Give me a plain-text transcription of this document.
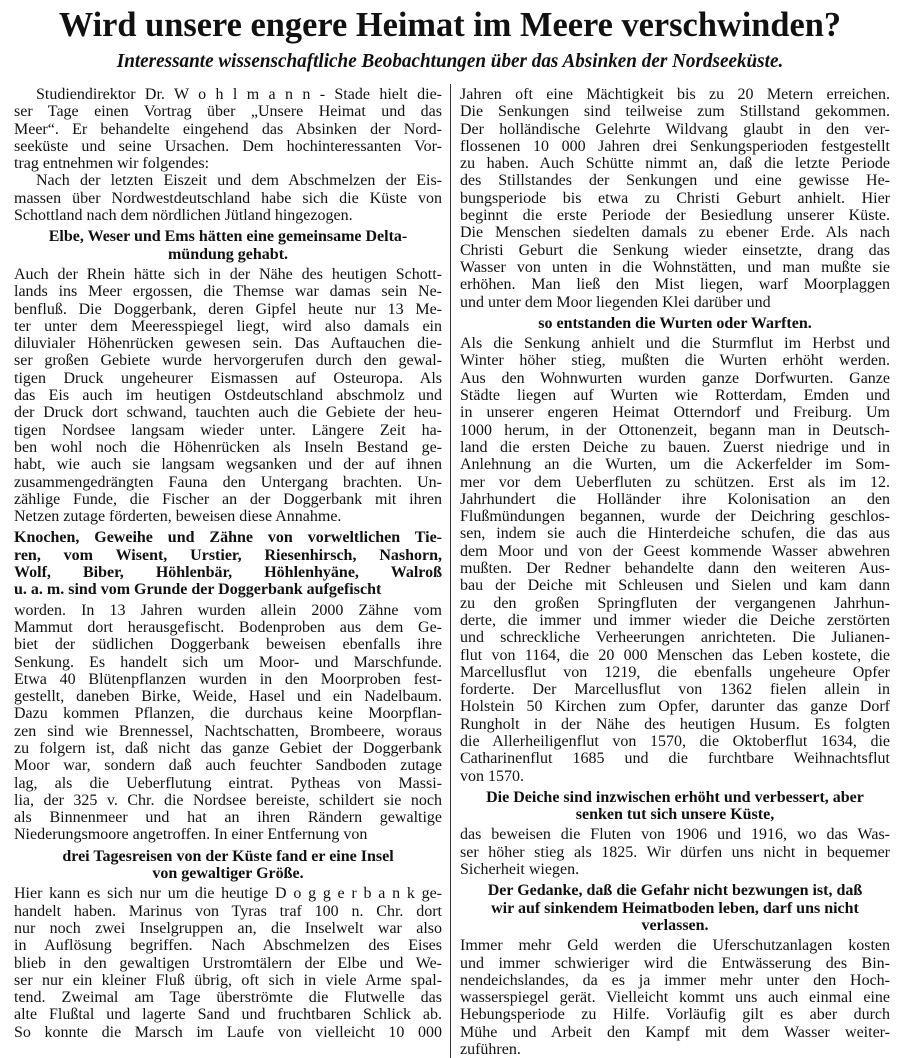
Wird unsere engere Heimat im Meere verschwinden?
Interessante wissenschaftliche Beobachtungen über das Absinken der Nordseeküste.
Studiendirektor Dr. W o h l m a n n - Stade hielt die-
ser Tage einen Vortrag über „Unsere Heimat und das
Meer“. Er behandelte eingehend das Absinken der Nord-
seeküste und seine Ursachen. Dem hochinteressanten Vor-
trag entnehmen wir folgendes:
Nach der letzten Eiszeit und dem Abschmelzen der Eis-
massen über Nordwestdeutschland habe sich die Küste von
Schottland nach dem nördlichen Jütland hingezogen.
Elbe, Weser und Ems hätten eine gemeinsame Delta-
mündung gehabt.
Auch der Rhein hätte sich in der Nähe des heutigen Schott-
lands ins Meer ergossen, die Themse war damas sein Ne-
benfluß. Die Doggerbank, deren Gipfel heute nur 13 Me-
ter unter dem Meeresspiegel liegt, wird also damals ein
diluvialer Höhenrücken gewesen sein. Das Auftauchen die-
ser großen Gebiete wurde hervorgerufen durch den gewal-
tigen Druck ungeheurer Eismassen auf Osteuropa. Als
das Eis auch im heutigen Ostdeutschland abschmolz und
der Druck dort schwand, tauchten auch die Gebiete der heu-
tigen Nordsee langsam wieder unter. Längere Zeit ha-
ben wohl noch die Höhenrücken als Inseln Bestand ge-
habt, wie auch sie langsam wegsanken und der auf ihnen
zusammengedrängten Fauna den Untergang brachten. Un-
zählige Funde, die Fischer an der Doggerbank mit ihren
Netzen zutage förderten, beweisen diese Annahme.
Knochen, Geweihe und Zähne von vorweltlichen Tie-
ren, vom Wisent, Urstier, Riesenhirsch, Nashorn,
Wolf, Biber, Höhlenbär, Höhlenhyäne, Walroß
u. a. m. sind vom Grunde der Doggerbank aufgefischt
worden. In 13 Jahren wurden allein 2000 Zähne vom
Mammut dort herausgefischt. Bodenproben aus dem Ge-
biet der südlichen Doggerbank beweisen ebenfalls ihre
Senkung. Es handelt sich um Moor- und Marschfunde.
Etwa 40 Blütenpflanzen wurden in den Moorproben fest-
gestellt, daneben Birke, Weide, Hasel und ein Nadelbaum.
Dazu kommen Pflanzen, die durchaus keine Moorpflan-
zen sind wie Brennessel, Nachtschatten, Brombeere, woraus
zu folgern ist, daß nicht das ganze Gebiet der Doggerbank
Moor war, sondern daß auch feuchter Sandboden zutage
lag, als die Ueberflutung eintrat. Pytheas von Massi-
lia, der 325 v. Chr. die Nordsee bereiste, schildert sie noch
als Binnenmeer und hat an ihren Rändern gewaltige
Niederungsmoore angetroffen. In einer Entfernung von
drei Tagesreisen von der Küste fand er eine Insel
von gewaltiger Größe.
Hier kann es sich nur um die heutige D o g g e r b a n k ge-
handelt haben. Marinus von Tyras traf 100 n. Chr. dort
nur noch zwei Inselgruppen an, die Inselwelt war also
in Auflösung begriffen. Nach Abschmelzen des Eises
blieb in den gewaltigen Urstromtälern der Elbe und We-
ser nur ein kleiner Fluß übrig, oft sich in viele Arme spal-
tend. Zweimal am Tage überströmte die Flutwelle das
alte Flußtal und lagerte Sand und fruchtbaren Schlick ab.
So konnte die Marsch im Laufe von vielleicht 10 000
Jahren oft eine Mächtigkeit bis zu 20 Metern erreichen.
Die Senkungen sind teilweise zum Stillstand gekommen.
Der holländische Gelehrte Wildvang glaubt in den ver-
flossenen 10 000 Jahren drei Senkungsperioden festgestellt
zu haben. Auch Schütte nimmt an, daß die letzte Periode
des Stillstandes der Senkungen und eine gewisse He-
bungsperiode bis etwa zu Christi Geburt anhielt. Hier
beginnt die erste Periode der Besiedlung unserer Küste.
Die Menschen siedelten damals zu ebener Erde. Als nach
Christi Geburt die Senkung wieder einsetzte, drang das
Wasser von unten in die Wohnstätten, und man mußte sie
erhöhen. Man ließ den Mist liegen, warf Moorplaggen
und unter dem Moor liegenden Klei darüber und
so entstanden die Wurten oder Warften.
Als die Senkung anhielt und die Sturmflut im Herbst und
Winter höher stieg, mußten die Wurten erhöht werden.
Aus den Wohnwurten wurden ganze Dorfwurten. Ganze
Städte liegen auf Wurten wie Rotterdam, Emden und
in unserer engeren Heimat Otterndorf und Freiburg. Um
1000 herum, in der Ottonenzeit, begann man in Deutsch-
land die ersten Deiche zu bauen. Zuerst niedrige und in
Anlehnung an die Wurten, um die Ackerfelder im Som-
mer vor dem Ueberfluten zu schützen. Erst als im 12.
Jahrhundert die Holländer ihre Kolonisation an den
Flußmündungen begannen, wurde der Deichring geschlos-
sen, indem sie auch die Hinterdeiche schufen, die das aus
dem Moor und von der Geest kommende Wasser abwehren
mußten. Der Redner behandelte dann den weiteren Aus-
bau der Deiche mit Schleusen und Sielen und kam dann
zu den großen Springfluten der vergangenen Jahrhun-
derte, die immer und immer wieder die Deiche zerstörten
und schreckliche Verheerungen anrichteten. Die Julianen-
flut von 1164, die 20 000 Menschen das Leben kostete, die
Marcellusflut von 1219, die ebenfalls ungeheure Opfer
forderte. Der Marcellusflut von 1362 fielen allein in
Holstein 50 Kirchen zum Opfer, darunter das ganze Dorf
Rungholt in der Nähe des heutigen Husum. Es folgten
die Allerheiligenflut von 1570, die Oktoberflut 1634, die
Catharinenflut 1685 und die furchtbare Weihnachtsflut
von 1570.
Die Deiche sind inzwischen erhöht und verbessert, aber
senken tut sich unsere Küste,
das beweisen die Fluten von 1906 und 1916, wo das Was-
ser höher stieg als 1825. Wir dürfen uns nicht in bequemer
Sicherheit wiegen.
Der Gedanke, daß die Gefahr nicht bezwungen ist, daß
wir auf sinkendem Heimatboden leben, darf uns nicht
verlassen.
Immer mehr Geld werden die Uferschutzanlagen kosten
und immer schwieriger wird die Entwässerung des Bin-
nendeichslandes, da es ja immer mehr unter den Hoch-
wasserspiegel gerät. Vielleicht kommt uns auch einmal eine
Hebungsperiode zu Hilfe. Vorläufig gilt es aber durch
Mühe und Arbeit den Kampf mit dem Wasser weiter-
zuführen.
